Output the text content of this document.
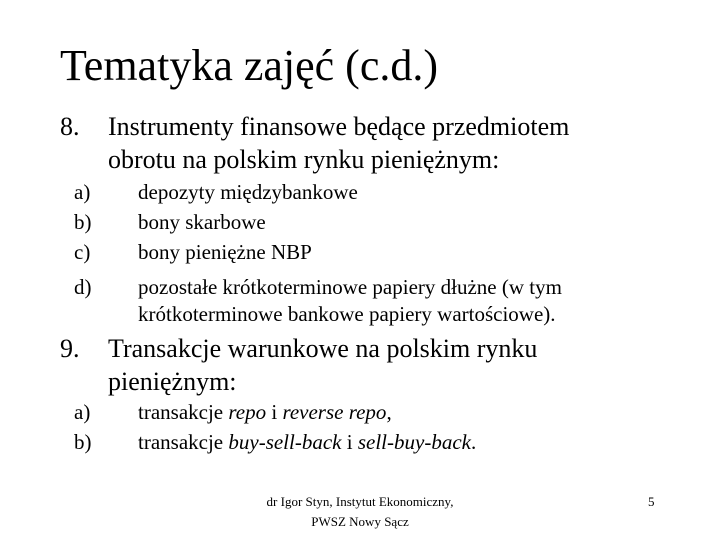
Tematyka zajęć (c.d.)
8. Instrumenty finansowe będące przedmiotem
obrotu na polskim rynku pieniężnym:
a) depozyty międzybankowe
b) bony skarbowe
c) bony pieniężne NBP
d) pozostałe krótkoterminowe papiery dłużne (w tym
krótkoterminowe bankowe papiery wartościowe).
9. Transakcje warunkowe na polskim rynku
pieniężnym:
a) transakcje repo i reverse repo,
b) transakcje buy-sell-back i sell-buy-back.
dr Igor Styn, Instytut Ekonomiczny,
PWSZ Nowy Sącz
5
